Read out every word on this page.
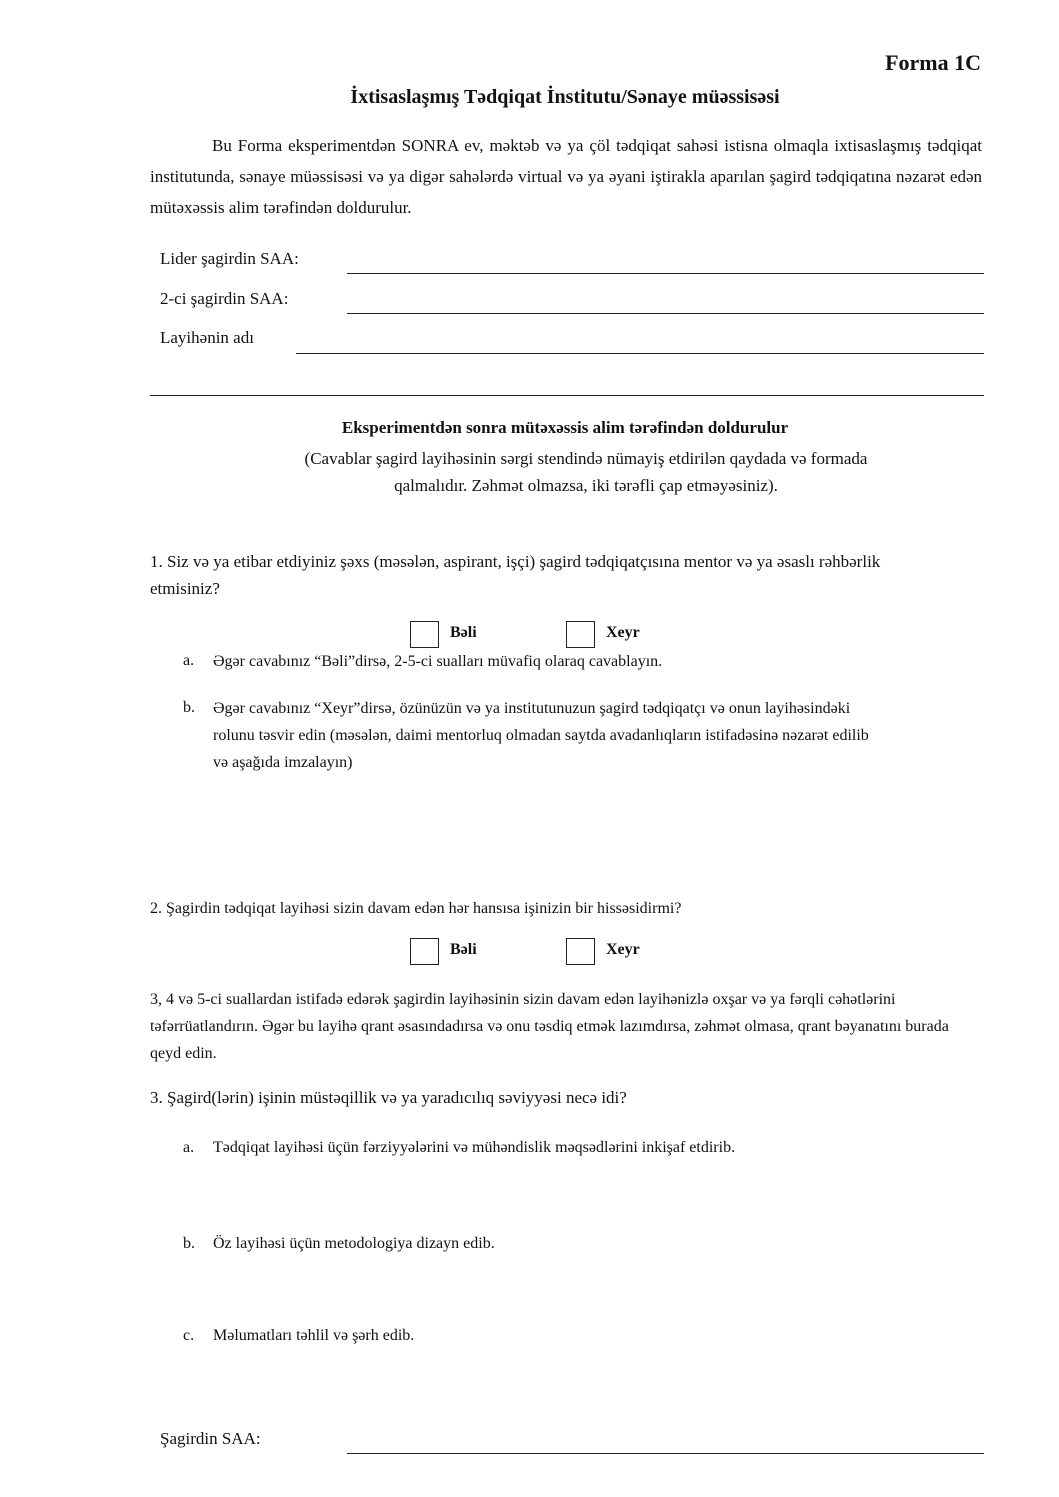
Forma 1C
İxtisaslaşmış Tədqiqat İnstitutu/Sənaye müəssisəsi

Bu Forma eksperimentdən SONRA ev, məktəb və ya çöl tədqiqat sahəsi istisna olmaqla ixtisaslaşmış tədqiqat institutunda, sənaye müəssisəsi və ya digər sahələrdə virtual və ya əyani iştirakla aparılan şagird tədqiqatına nəzarət edən mütəxəssis alim tərəfindən doldurulur.

Lider şagirdin SAA:
2-ci şagirdin SAA:
Layihənin adı
Eksperimentdən sonra mütəxəssis alim tərəfindən doldurulur

(Cavablar şagird layihəsinin sərgi stendində nümayiş etdirilən qaydada və formada qalmalıdır. Zəhmət olmazsa, iki tərəfli çap etməyəsiniz).

1. Siz və ya etibar etdiyiniz şəxs (məsələn, aspirant, işçi) şagird tədqiqatçısına mentor və ya əsaslı rəhbərlik etmisiniz?

Bəli	Xeyr
a. Əgər cavabınız “Bəli”dirsə, 2-5-ci sualları müvafiq olaraq cavablayın.

b. Əgər cavabınız “Xeyr”dirsə, özünüzün və ya institutunuzun şagird tədqiqatçı və onun layihəsindəki rolunu təsvir edin (məsələn, daimi mentorluq olmadan saytda avadanlıqların istifadəsinə nəzarət edilib və aşağıda imzalayın)

2. Şagirdin tədqiqat layihəsi sizin davam edən hər hansısa işinizin bir hissəsidirmi?

Bəli	Xeyr

3, 4 və 5-ci suallardan istifadə edərək şagirdin layihəsinin sizin davam edən layihənizlə oxşar və ya fərqli cəhətlərini təfərrüatlandırın. Əgər bu layihə qrant əsasındadırsa və onu təsdiq etmək lazımdırsa, zəhmət olmasa, qrant bəyanatını burada qeyd edin.

3. Şagird(lərin) işinin müstəqillik və ya yaradıcılıq səviyyəsi necə idi?

a. Tədqiqat layihəsi üçün fərziyyələrini və mühəndislik məqsədlərini inkişaf etdirib.

b. Öz layihəsi üçün metodologiya dizayn edib.

c. Məlumatları təhlil və şərh edib.

Şagirdin SAA:
